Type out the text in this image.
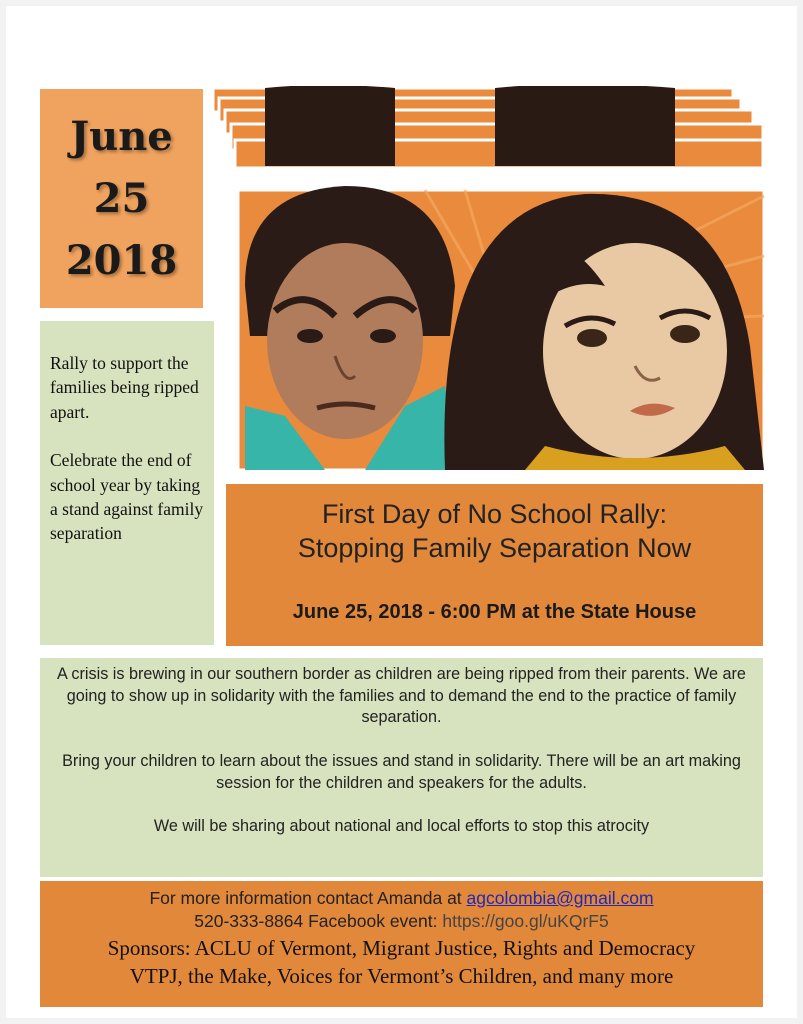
June
25
2018

Rally to support the families being ripped apart.

Celebrate the end of school year by taking a stand against family separation

First Day of No School Rally:
Stopping Family Separation Now
June 25, 2018 - 6:00 PM at the State House

A crisis is brewing in our southern border as children are being ripped from their parents. We are going to show up in solidarity with the families and to demand the end to the practice of family separation.

Bring your children to learn about the issues and stand in solidarity. There will be an art making session for the children and speakers for the adults.

We will be sharing about national and local efforts to stop this atrocity

For more information contact Amanda at agcolombia@gmail.com
520-333-8864 Facebook event: https://goo.gl/uKQrF5
Sponsors: ACLU of Vermont, Migrant Justice, Rights and Democracy
VTPJ, the Make, Voices for Vermont’s Children, and many more
